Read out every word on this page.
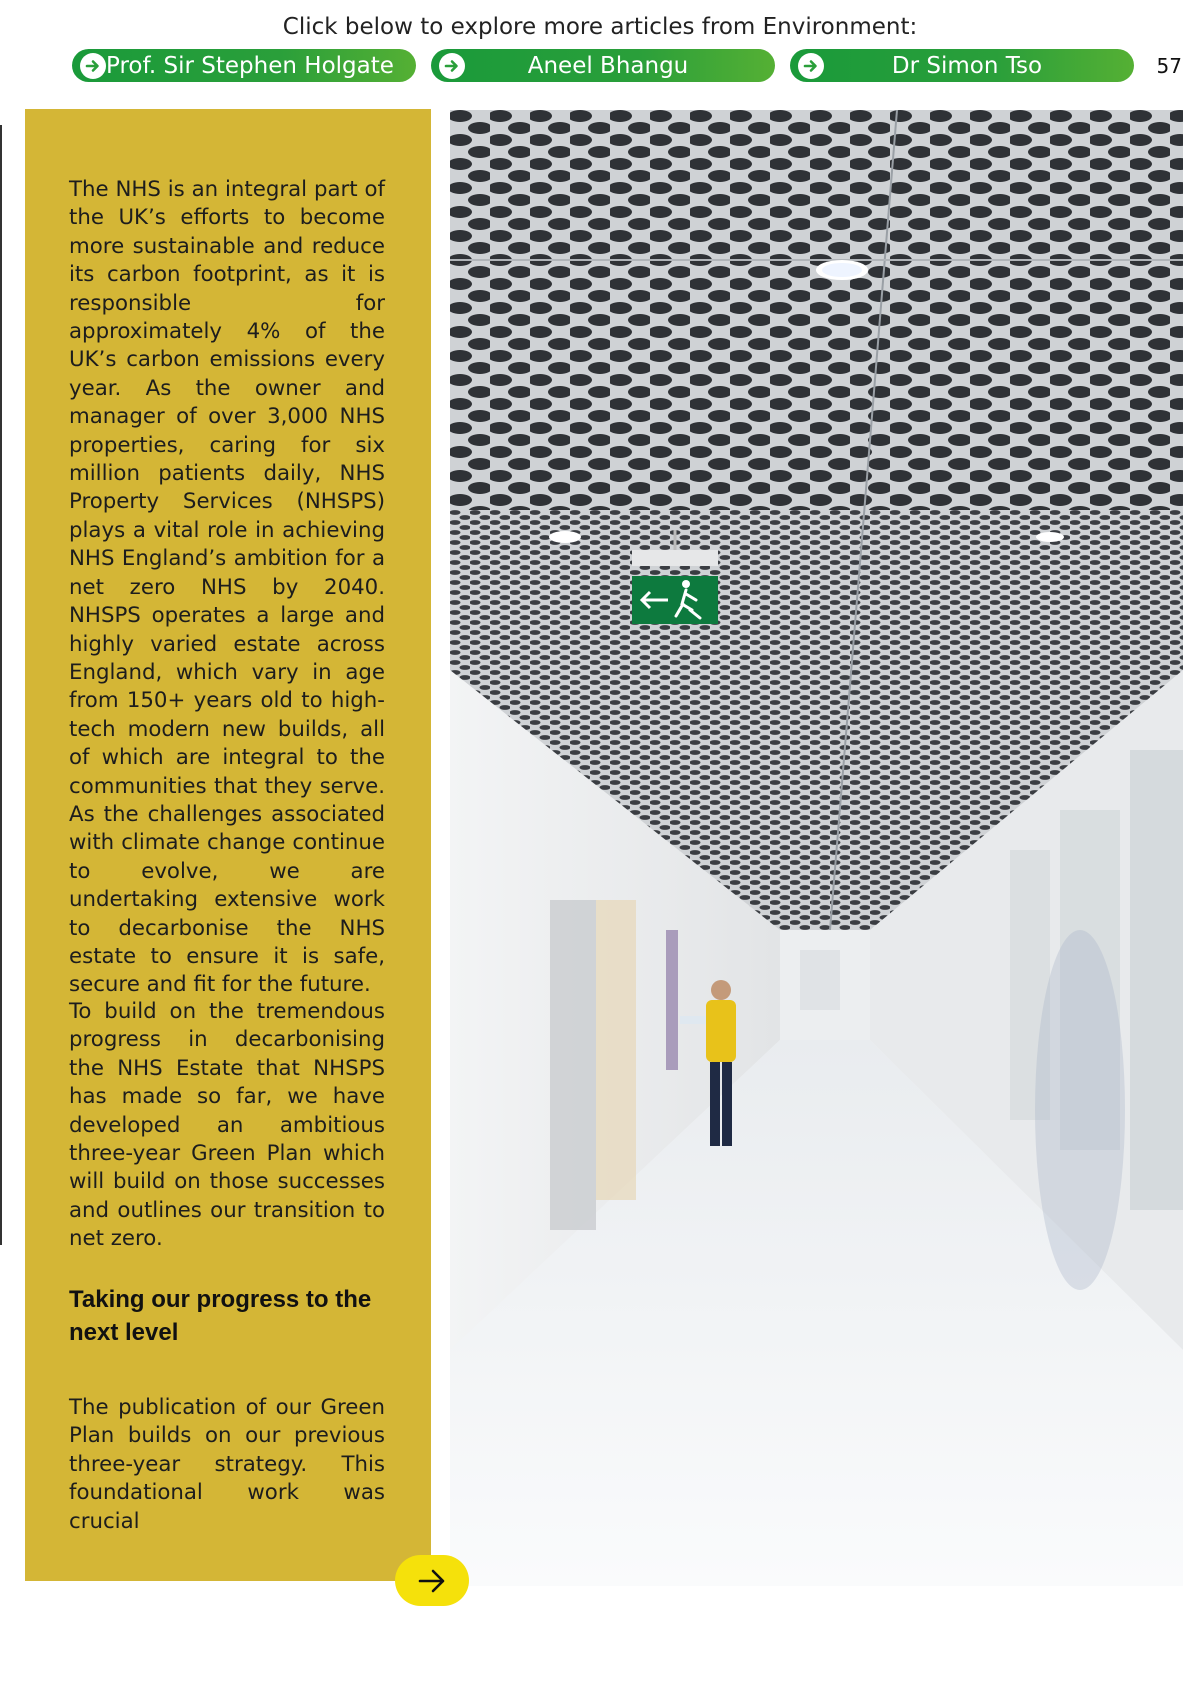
Click below to explore more articles from Environment:
Prof. Sir Stephen Holgate	Aneel Bhangu	Dr Simon Tso	57
The NHS is an integral part of the UK’s efforts to become more sustainable and reduce its carbon footprint, as it is responsible for approximately 4% of the UK’s carbon emissions every year. As the owner and manager of over 3,000 NHS properties, caring for six million patients daily, NHS Property Services (NHSPS) plays a vital role in achieving NHS England’s ambition for a net zero NHS by 2040. NHSPS operates a large and highly varied estate across England, which vary in age from 150+ years old to high-tech modern new builds, all of which are integral to the communities that they serve. As the challenges associated with climate change continue to evolve, we are undertaking extensive work to decarbonise the NHS estate to ensure it is safe, secure and fit for the future.
To build on the tremendous progress in decarbonising the NHS Estate that NHSPS has made so far, we have developed an ambitious three-year Green Plan which will build on those successes and outlines our transition to net zero.
Taking our progress to the next level
The publication of our Green Plan builds on our previous three-year strategy. This foundational work was crucial
